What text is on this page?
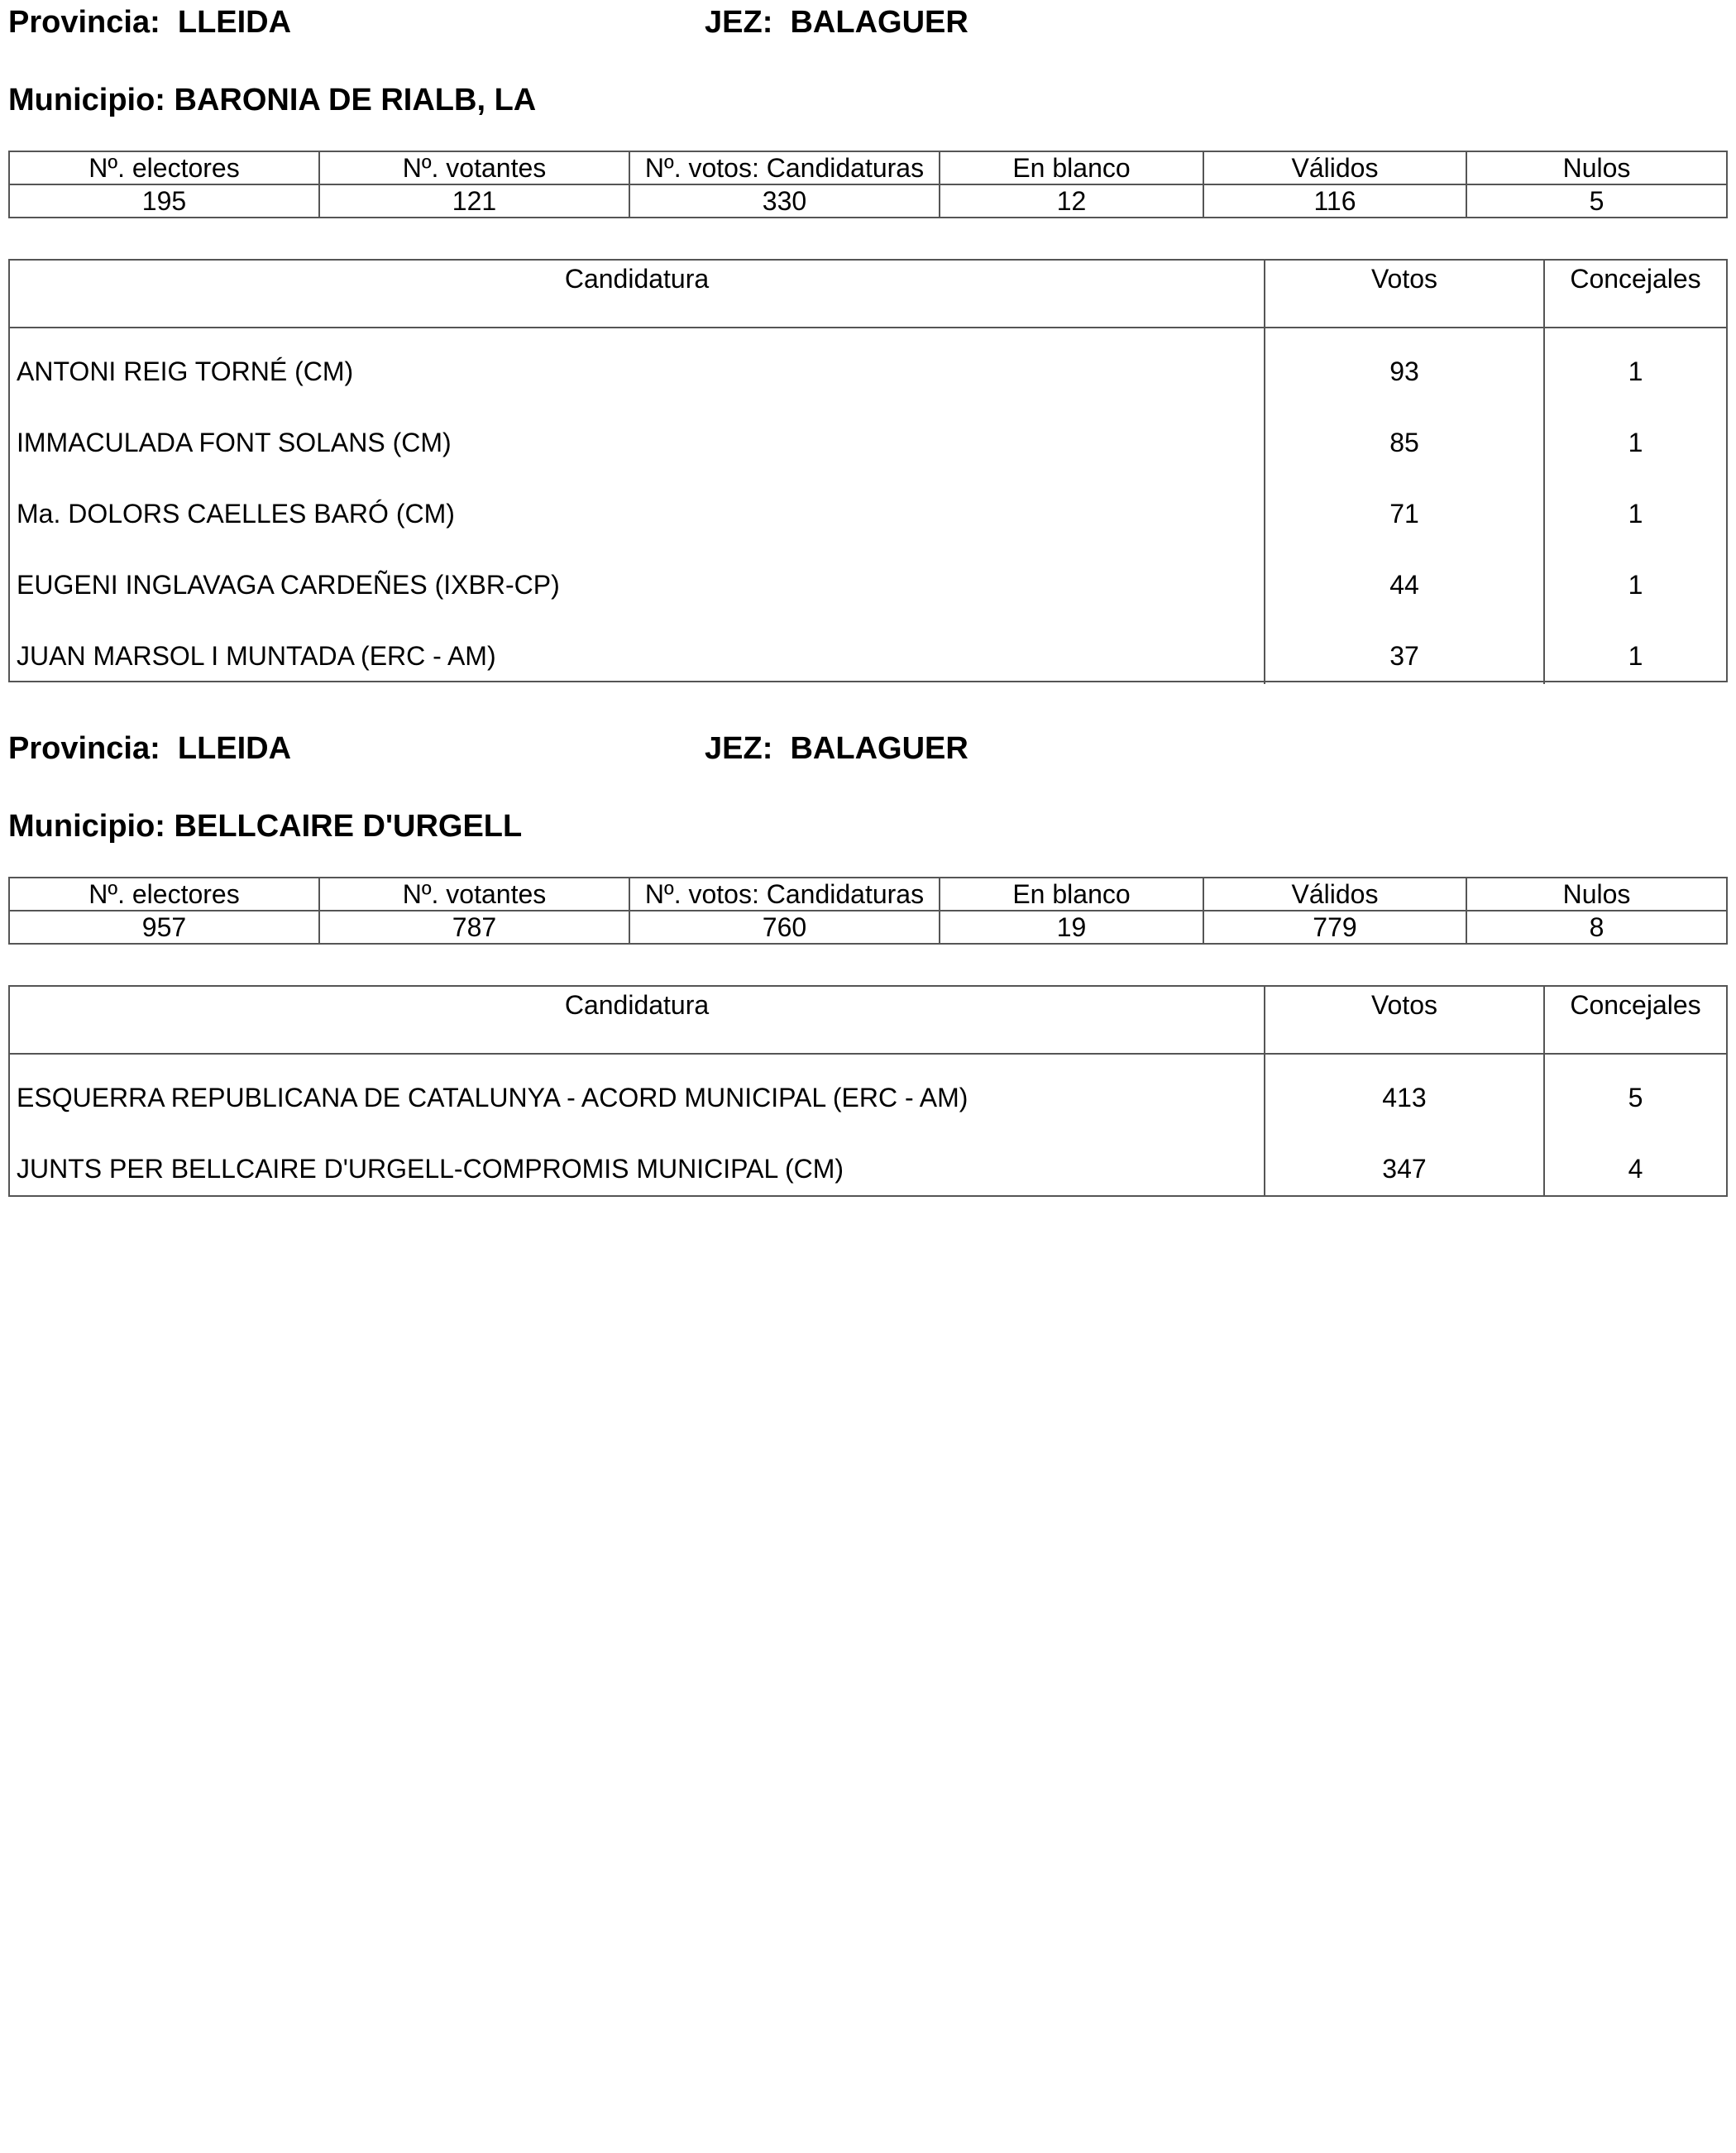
Provincia: LLEIDA	JEZ: BALAGUER
Municipio: BARONIA DE RIALB, LA
Nº. electores	Nº. votantes	Nº. votos: Candidaturas	En blanco	Válidos	Nulos
195	121	330	12	116	5
Candidatura	Votos	Concejales
ANTONI REIG TORNÉ (CM)	93	1
IMMACULADA FONT SOLANS (CM)	85	1
Ma. DOLORS CAELLES BARÓ (CM)	71	1
EUGENI INGLAVAGA CARDEÑES (IXBR-CP)	44	1
JUAN MARSOL I MUNTADA (ERC - AM)	37	1
Provincia: LLEIDA	JEZ: BALAGUER
Municipio: BELLCAIRE D'URGELL
Nº. electores	Nº. votantes	Nº. votos: Candidaturas	En blanco	Válidos	Nulos
957	787	760	19	779	8
Candidatura	Votos	Concejales
ESQUERRA REPUBLICANA DE CATALUNYA - ACORD MUNICIPAL (ERC - AM)	413	5
JUNTS PER BELLCAIRE D'URGELL-COMPROMIS MUNICIPAL (CM)	347	4
